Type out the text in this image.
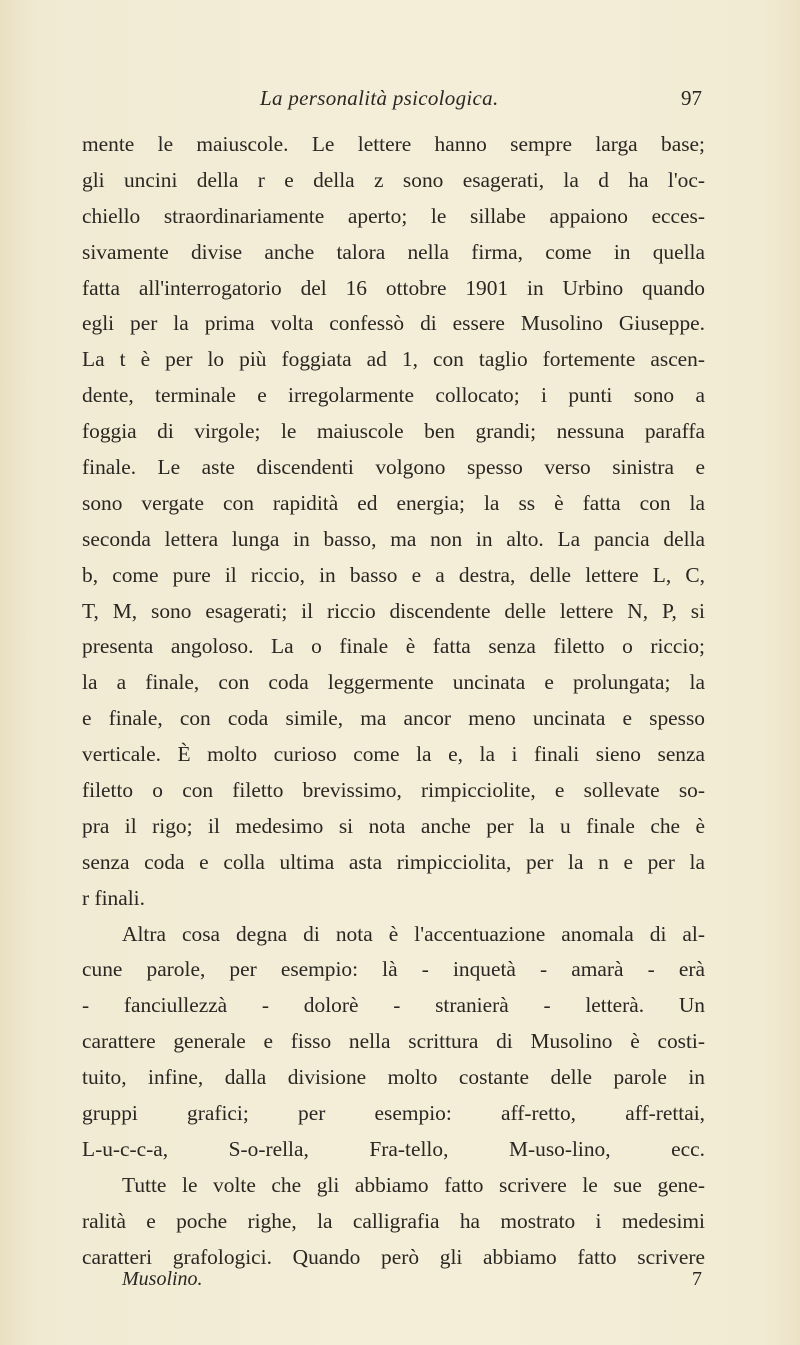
La personalità psicologica.	97
mente le maiuscole. Le lettere hanno sempre larga base;
gli uncini della r e della z sono esagerati, la d ha l'oc-
chiello straordinariamente aperto; le sillabe appaiono ecces-
sivamente divise anche talora nella firma, come in quella
fatta all'interrogatorio del 16 ottobre 1901 in Urbino quando
egli per la prima volta confessò di essere Musolino Giuseppe.
La t è per lo più foggiata ad 1, con taglio fortemente ascen-
dente, terminale e irregolarmente collocato; i punti sono a
foggia di virgole; le maiuscole ben grandi; nessuna paraffa
finale. Le aste discendenti volgono spesso verso sinistra e
sono vergate con rapidità ed energia; la ss è fatta con la
seconda lettera lunga in basso, ma non in alto. La pancia della
b, come pure il riccio, in basso e a destra, delle lettere L, C,
T, M, sono esagerati; il riccio discendente delle lettere N, P, si
presenta angoloso. La o finale è fatta senza filetto o riccio;
la a finale, con coda leggermente uncinata e prolungata; la
e finale, con coda simile, ma ancor meno uncinata e spesso
verticale. È molto curioso come la e, la i finali sieno senza
filetto o con filetto brevissimo, rimpicciolite, e sollevate so-
pra il rigo; il medesimo si nota anche per la u finale che è
senza coda e colla ultima asta rimpicciolita, per la n e per la
r finali.
Altra cosa degna di nota è l'accentuazione anomala di al-
cune parole, per esempio: là - inquetà - amarà - erà
- fanciullezzà - dolorè - stranierà - letterà. Un
carattere generale e fisso nella scrittura di Musolino è costi-
tuito, infine, dalla divisione molto costante delle parole in
gruppi grafici; per esempio: aff-retto, aff-rettai,
L-u-c-c-a, S-o-rella, Fra-tello, M-uso-lino, ecc.
Tutte le volte che gli abbiamo fatto scrivere le sue gene-
ralità e poche righe, la calligrafia ha mostrato i medesimi
caratteri grafologici. Quando però gli abbiamo fatto scrivere
Musolino.	7
